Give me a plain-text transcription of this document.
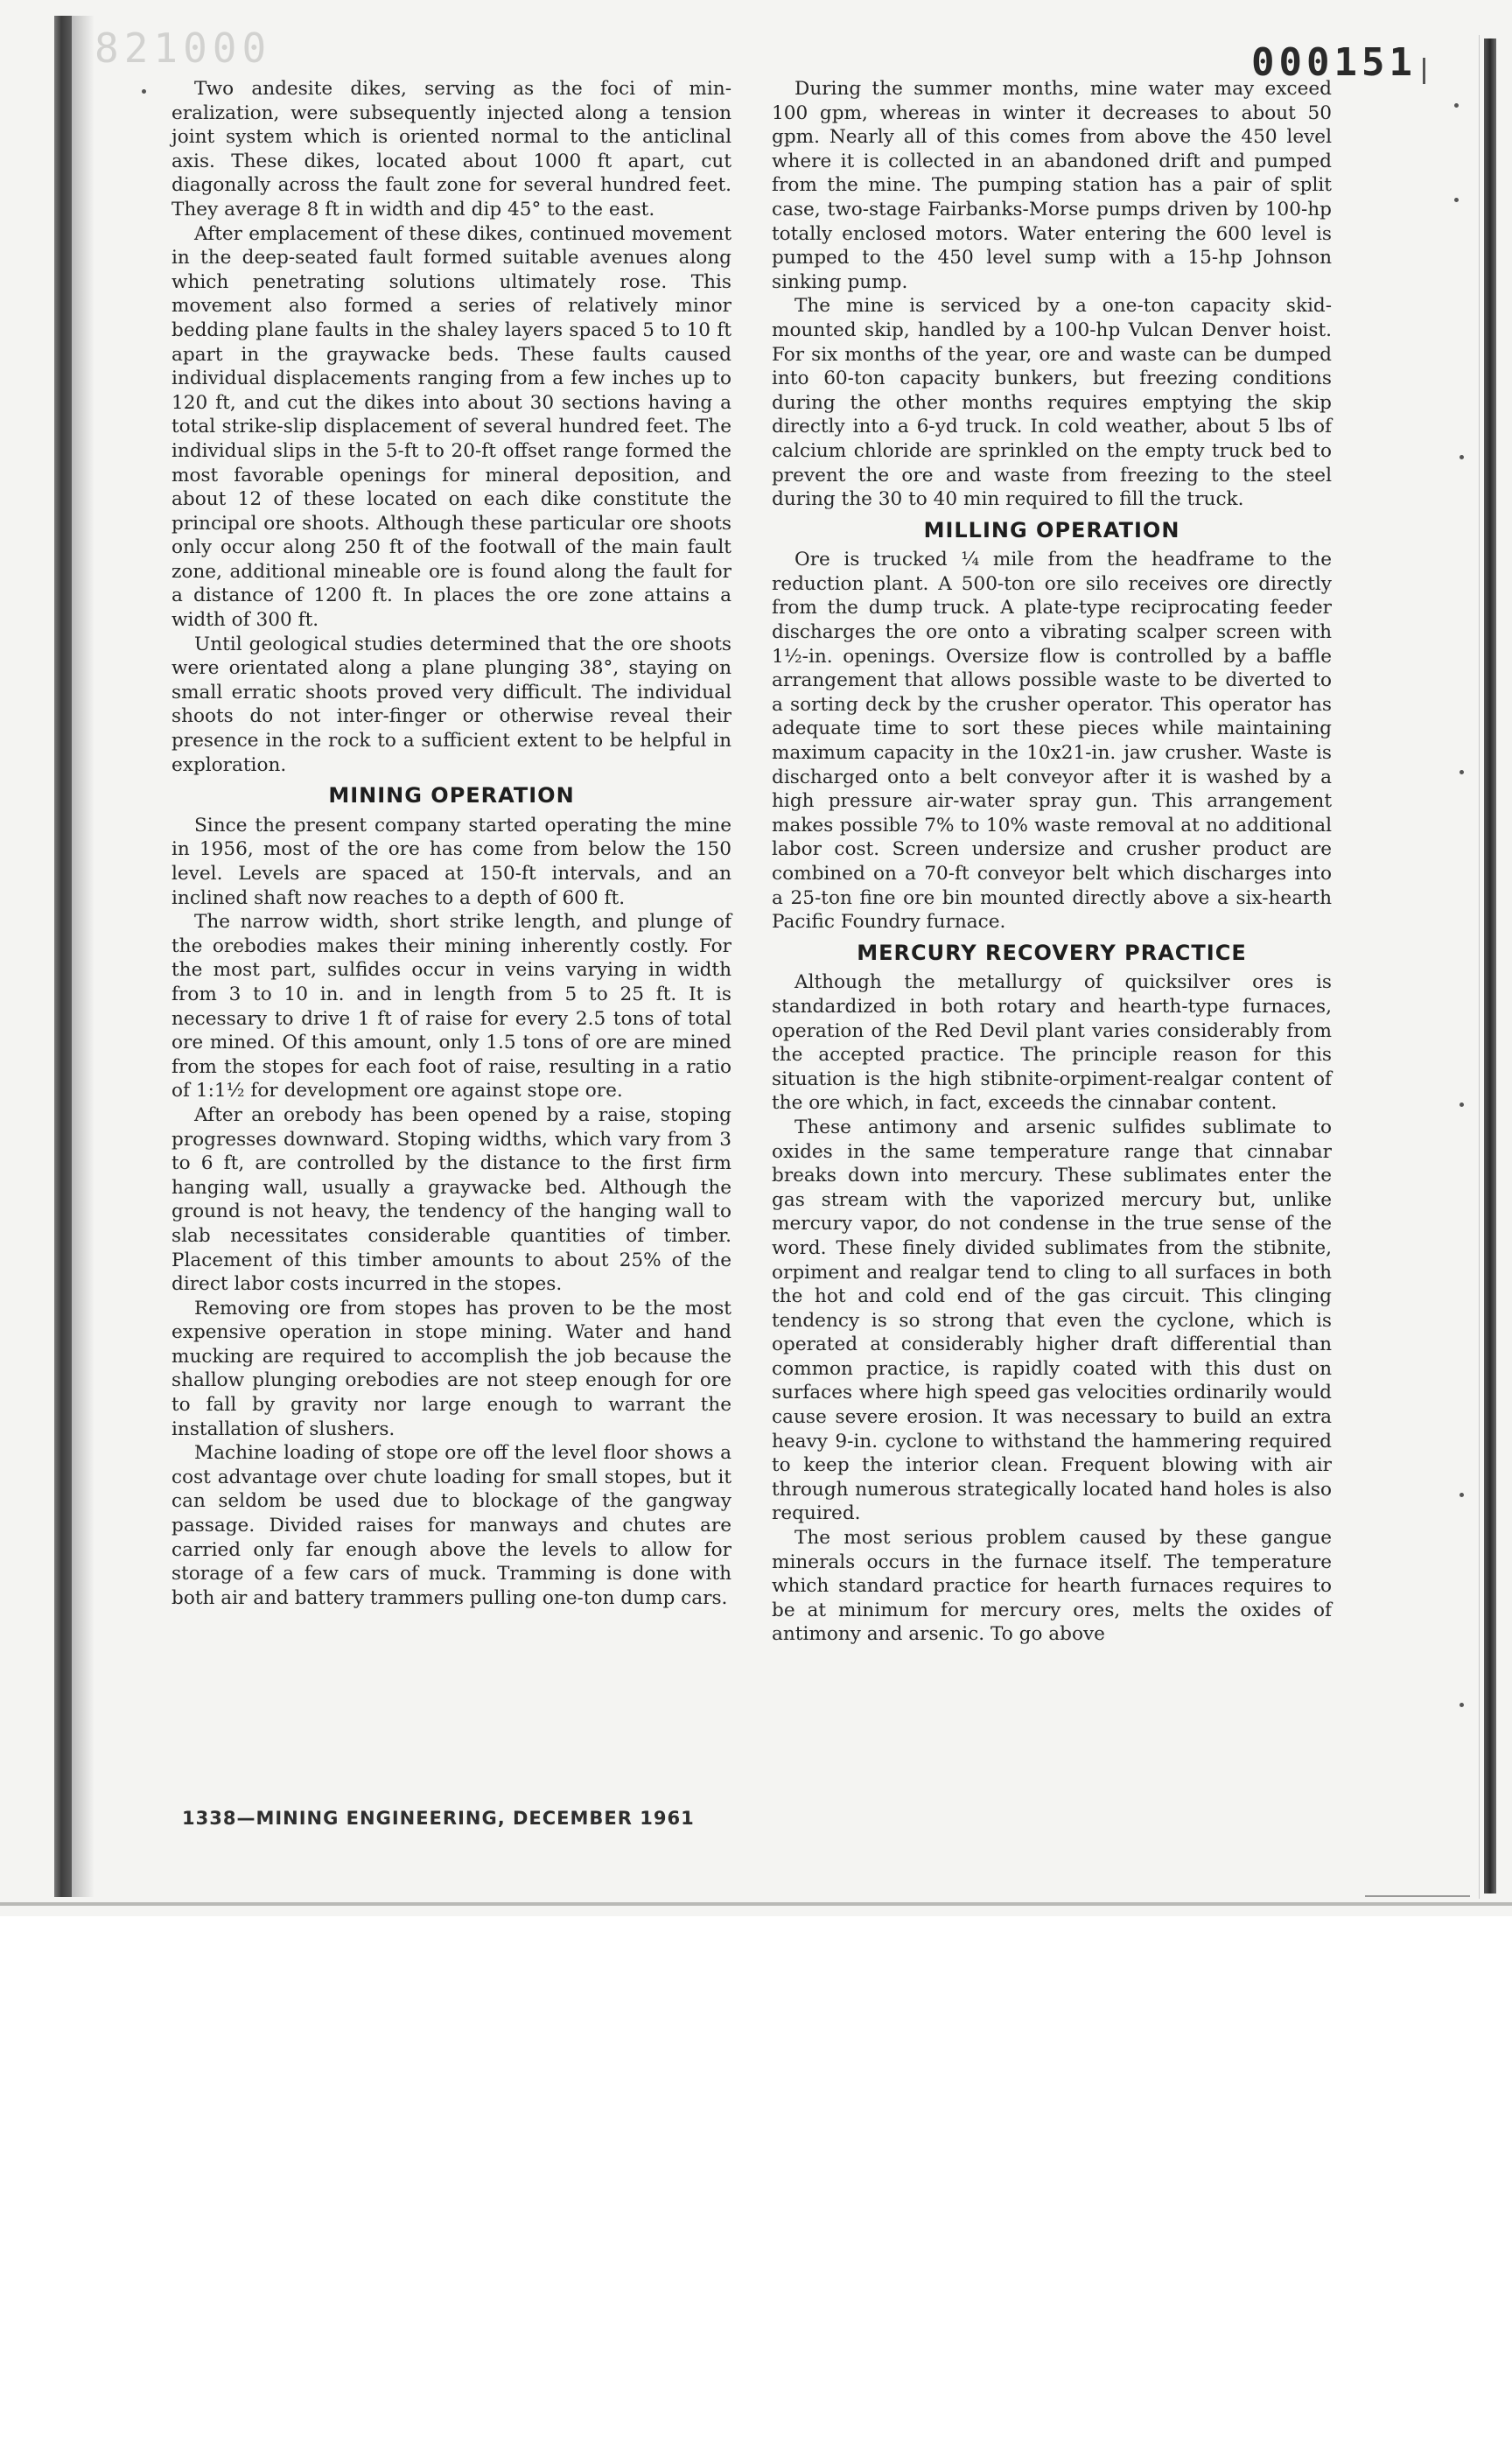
821000	000151

Two andesite dikes, serving as the foci of mineralization, were subsequently injected along a tension joint system which is oriented normal to the anticlinal axis. These dikes, located about 1000 ft apart, cut diagonally across the fault zone for several hundred feet. They average 8 ft in width and dip 45° to the east.

After emplacement of these dikes, continued movement in the deep-seated fault formed suitable avenues along which penetrating solutions ultimately rose. This movement also formed a series of relatively minor bedding plane faults in the shaley layers spaced 5 to 10 ft apart in the graywacke beds. These faults caused individual displacements ranging from a few inches up to 120 ft, and cut the dikes into about 30 sections having a total strike-slip displacement of several hundred feet. The individual slips in the 5-ft to 20-ft offset range formed the most favorable openings for mineral deposition, and about 12 of these located on each dike constitute the principal ore shoots. Although these particular ore shoots only occur along 250 ft of the footwall of the main fault zone, additional mineable ore is found along the fault for a distance of 1200 ft. In places the ore zone attains a width of 300 ft.

Until geological studies determined that the ore shoots were orientated along a plane plunging 38°, staying on small erratic shoots proved very difficult. The individual shoots do not inter-finger or otherwise reveal their presence in the rock to a sufficient extent to be helpful in exploration.

MINING OPERATION

Since the present company started operating the mine in 1956, most of the ore has come from below the 150 level. Levels are spaced at 150-ft intervals, and an inclined shaft now reaches to a depth of 600 ft.

The narrow width, short strike length, and plunge of the orebodies makes their mining inherently costly. For the most part, sulfides occur in veins varying in width from 3 to 10 in. and in length from 5 to 25 ft. It is necessary to drive 1 ft of raise for every 2.5 tons of total ore mined. Of this amount, only 1.5 tons of ore are mined from the stopes for each foot of raise, resulting in a ratio of 1:1½ for development ore against stope ore.

After an orebody has been opened by a raise, stoping progresses downward. Stoping widths, which vary from 3 to 6 ft, are controlled by the distance to the first firm hanging wall, usually a graywacke bed. Although the ground is not heavy, the tendency of the hanging wall to slab necessitates considerable quantities of timber. Placement of this timber amounts to about 25% of the direct labor costs incurred in the stopes.

Removing ore from stopes has proven to be the most expensive operation in stope mining. Water and hand mucking are required to accomplish the job because the shallow plunging orebodies are not steep enough for ore to fall by gravity nor large enough to warrant the installation of slushers.

Machine loading of stope ore off the level floor shows a cost advantage over chute loading for small stopes, but it can seldom be used due to blockage of the gangway passage. Divided raises for manways and chutes are carried only far enough above the levels to allow for storage of a few cars of muck. Tramming is done with both air and battery trammers pulling one-ton dump cars.

During the summer months, mine water may exceed 100 gpm, whereas in winter it decreases to about 50 gpm. Nearly all of this comes from above the 450 level where it is collected in an abandoned drift and pumped from the mine. The pumping station has a pair of split case, two-stage Fairbanks-Morse pumps driven by 100-hp totally enclosed motors. Water entering the 600 level is pumped to the 450 level sump with a 15-hp Johnson sinking pump.

The mine is serviced by a one-ton capacity skid-mounted skip, handled by a 100-hp Vulcan Denver hoist. For six months of the year, ore and waste can be dumped into 60-ton capacity bunkers, but freezing conditions during the other months requires emptying the skip directly into a 6-yd truck. In cold weather, about 5 lbs of calcium chloride are sprinkled on the empty truck bed to prevent the ore and waste from freezing to the steel during the 30 to 40 min required to fill the truck.

MILLING OPERATION

Ore is trucked ¼ mile from the headframe to the reduction plant. A 500-ton ore silo receives ore directly from the dump truck. A plate-type reciprocating feeder discharges the ore onto a vibrating scalper screen with 1½-in. openings. Oversize flow is controlled by a baffle arrangement that allows possible waste to be diverted to a sorting deck by the crusher operator. This operator has adequate time to sort these pieces while maintaining maximum capacity in the 10x21-in. jaw crusher. Waste is discharged onto a belt conveyor after it is washed by a high pressure air-water spray gun. This arrangement makes possible 7% to 10% waste removal at no additional labor cost. Screen undersize and crusher product are combined on a 70-ft conveyor belt which discharges into a 25-ton fine ore bin mounted directly above a six-hearth Pacific Foundry furnace.

MERCURY RECOVERY PRACTICE

Although the metallurgy of quicksilver ores is standardized in both rotary and hearth-type furnaces, operation of the Red Devil plant varies considerably from the accepted practice. The principle reason for this situation is the high stibnite-orpiment-realgar content of the ore which, in fact, exceeds the cinnabar content.

These antimony and arsenic sulfides sublimate to oxides in the same temperature range that cinnabar breaks down into mercury. These sublimates enter the gas stream with the vaporized mercury but, unlike mercury vapor, do not condense in the true sense of the word. These finely divided sublimates from the stibnite, orpiment and realgar tend to cling to all surfaces in both the hot and cold end of the gas circuit. This clinging tendency is so strong that even the cyclone, which is operated at considerably higher draft differential than common practice, is rapidly coated with this dust on surfaces where high speed gas velocities ordinarily would cause severe erosion. It was necessary to build an extra heavy 9-in. cyclone to withstand the hammering required to keep the interior clean. Frequent blowing with air through numerous strategically located hand holes is also required.

The most serious problem caused by these gangue minerals occurs in the furnace itself. The temperature which standard practice for hearth furnaces requires to be at minimum for mercury ores, melts the oxides of antimony and arsenic. To go above

1338—MINING ENGINEERING, DECEMBER 1961
